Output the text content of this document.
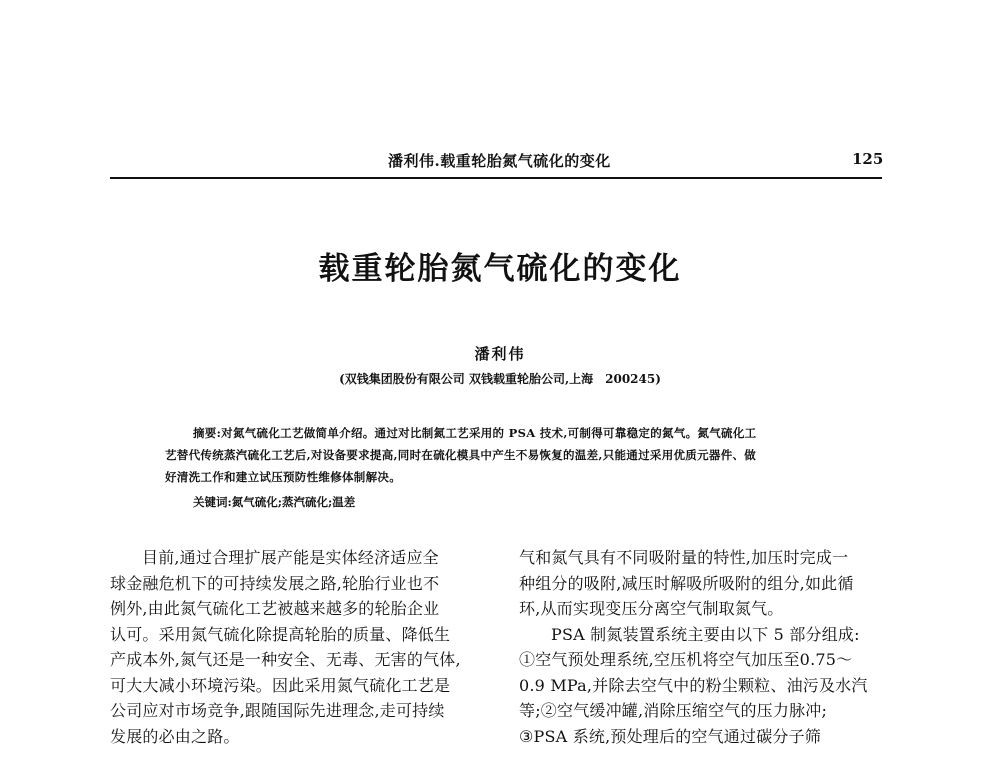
潘利伟.载重轮胎氮气硫化的变化	125
载重轮胎氮气硫化的变化
潘利伟
(双钱集团股份有限公司 双钱载重轮胎公司,上海　200245)
摘要:对氮气硫化工艺做简单介绍。通过对比制氮工艺采用的 PSA 技术,可制得可靠稳定的氮气。氮气硫化工
艺替代传统蒸汽硫化工艺后,对设备要求提高,同时在硫化模具中产生不易恢复的温差,只能通过采用优质元器件、做
好清洗工作和建立试压预防性维修体制解决。
关键词:氮气硫化;蒸汽硫化;温差

目前,通过合理扩展产能是实体经济适应全

球金融危机下的可持续发展之路,轮胎行业也不

例外,由此氮气硫化工艺被越来越多的轮胎企业

认可。采用氮气硫化除提高轮胎的质量、降低生

产成本外,氮气还是一种安全、无毒、无害的气体,

可大大减小环境污染。因此采用氮气硫化工艺是

公司应对市场竞争,跟随国际先进理念,走可持续

发展的必由之路。

气和氮气具有不同吸附量的特性,加压时完成一

种组分的吸附,减压时解吸所吸附的组分,如此循

环,从而实现变压分离空气制取氮气。

PSA 制氮装置系统主要由以下 5 部分组成:

①空气预处理系统,空压机将空气加压至0.75～

0.9 MPa,并除去空气中的粉尘颗粒、油污及水汽

等;②空气缓冲罐,消除压缩空气的压力脉冲;

③PSA 系统,预处理后的空气通过碳分子筛
